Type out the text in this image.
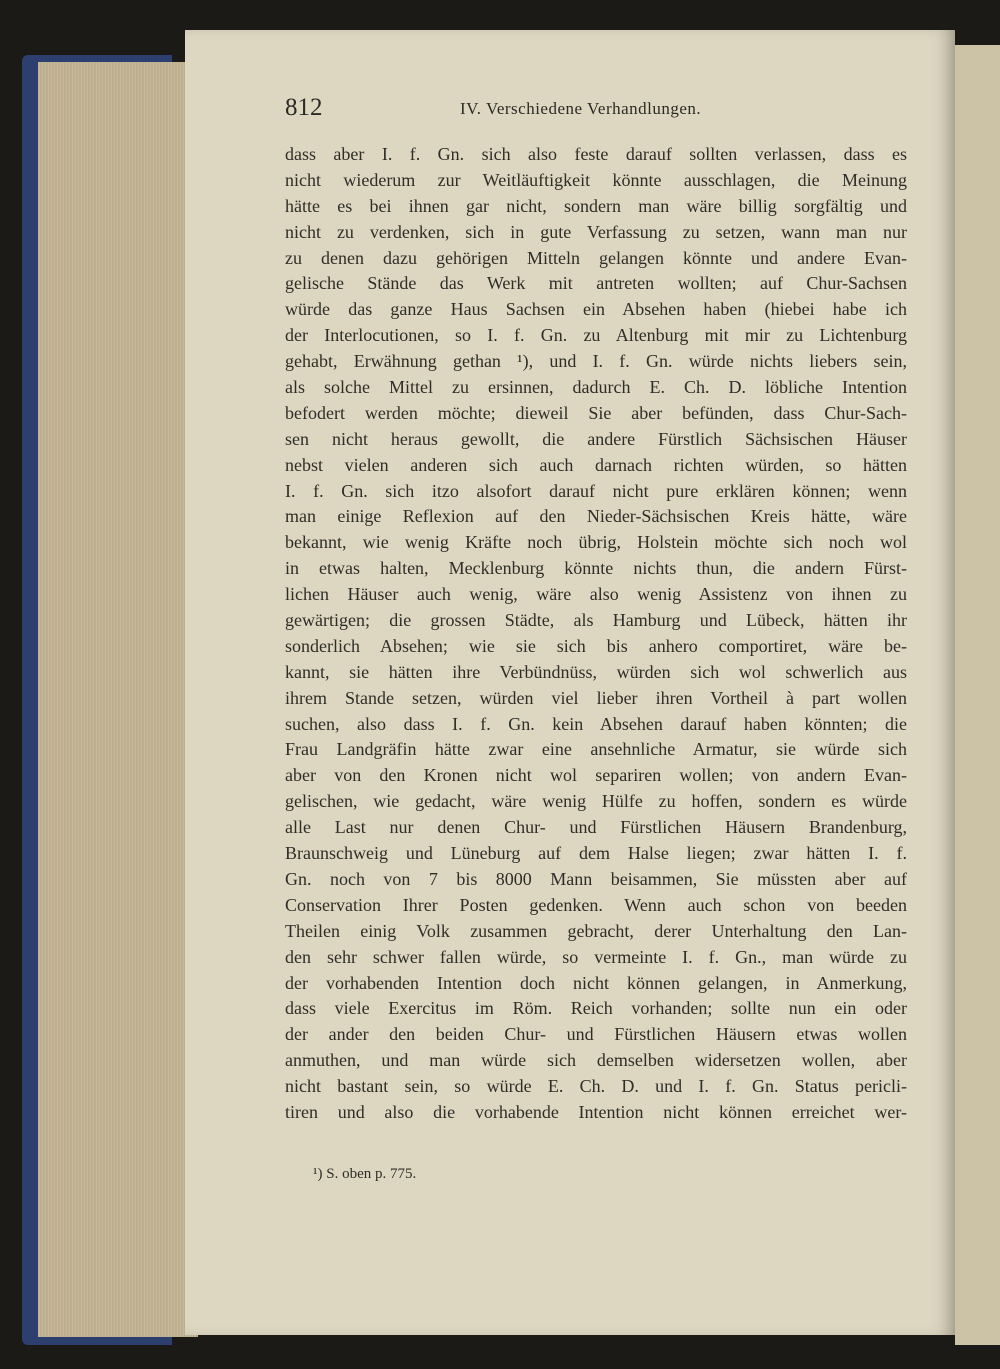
812	IV. Verschiedene Verhandlungen.
dass aber I. f. Gn. sich also feste darauf sollten verlassen, dass es
nicht wiederum zur Weitläuftigkeit könnte ausschlagen, die Meinung
hätte es bei ihnen gar nicht, sondern man wäre billig sorgfältig und
nicht zu verdenken, sich in gute Verfassung zu setzen, wann man nur
zu denen dazu gehörigen Mitteln gelangen könnte und andere Evan-
gelische Stände das Werk mit antreten wollten; auf Chur-Sachsen
würde das ganze Haus Sachsen ein Absehen haben (hiebei habe ich
der Interlocutionen, so I. f. Gn. zu Altenburg mit mir zu Lichtenburg
gehabt, Erwähnung gethan ¹), und I. f. Gn. würde nichts liebers sein,
als solche Mittel zu ersinnen, dadurch E. Ch. D. löbliche Intention
befodert werden möchte; dieweil Sie aber befünden, dass Chur-Sach-
sen nicht heraus gewollt, die andere Fürstlich Sächsischen Häuser
nebst vielen anderen sich auch darnach richten würden, so hätten
I. f. Gn. sich itzo alsofort darauf nicht pure erklären können; wenn
man einige Reflexion auf den Nieder-Sächsischen Kreis hätte, wäre
bekannt, wie wenig Kräfte noch übrig, Holstein möchte sich noch wol
in etwas halten, Mecklenburg könnte nichts thun, die andern Fürst-
lichen Häuser auch wenig, wäre also wenig Assistenz von ihnen zu
gewärtigen; die grossen Städte, als Hamburg und Lübeck, hätten ihr
sonderlich Absehen; wie sie sich bis anhero comportiret, wäre be-
kannt, sie hätten ihre Verbündnüss, würden sich wol schwerlich aus
ihrem Stande setzen, würden viel lieber ihren Vortheil à part wollen
suchen, also dass I. f. Gn. kein Absehen darauf haben könnten; die
Frau Landgräfin hätte zwar eine ansehnliche Armatur, sie würde sich
aber von den Kronen nicht wol separiren wollen; von andern Evan-
gelischen, wie gedacht, wäre wenig Hülfe zu hoffen, sondern es würde
alle Last nur denen Chur- und Fürstlichen Häusern Brandenburg,
Braunschweig und Lüneburg auf dem Halse liegen; zwar hätten I. f.
Gn. noch von 7 bis 8000 Mann beisammen, Sie müssten aber auf
Conservation Ihrer Posten gedenken. Wenn auch schon von beeden
Theilen einig Volk zusammen gebracht, derer Unterhaltung den Lan-
den sehr schwer fallen würde, so vermeinte I. f. Gn., man würde zu
der vorhabenden Intention doch nicht können gelangen, in Anmerkung,
dass viele Exercitus im Röm. Reich vorhanden; sollte nun ein oder
der ander den beiden Chur- und Fürstlichen Häusern etwas wollen
anmuthen, und man würde sich demselben widersetzen wollen, aber
nicht bastant sein, so würde E. Ch. D. und I. f. Gn. Status pericli-
tiren und also die vorhabende Intention nicht können erreichet wer-
¹) S. oben p. 775.
